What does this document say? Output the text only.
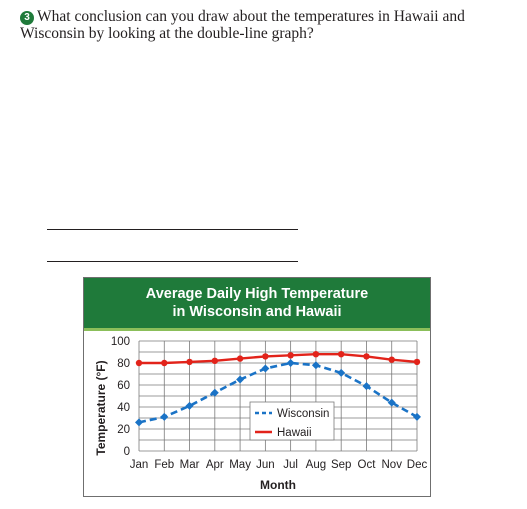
3 What conclusion can you draw about the temperatures in Hawaii and Wisconsin by looking at the double-line graph?
Average Daily High Temperature
in Wisconsin and Hawaii
0
20
40
60
80
100
Jan Feb Mar Apr May Jun Jul Aug Sep Oct Nov Dec
Month
Temperature (°F)	Wisconsin
Hawaii
